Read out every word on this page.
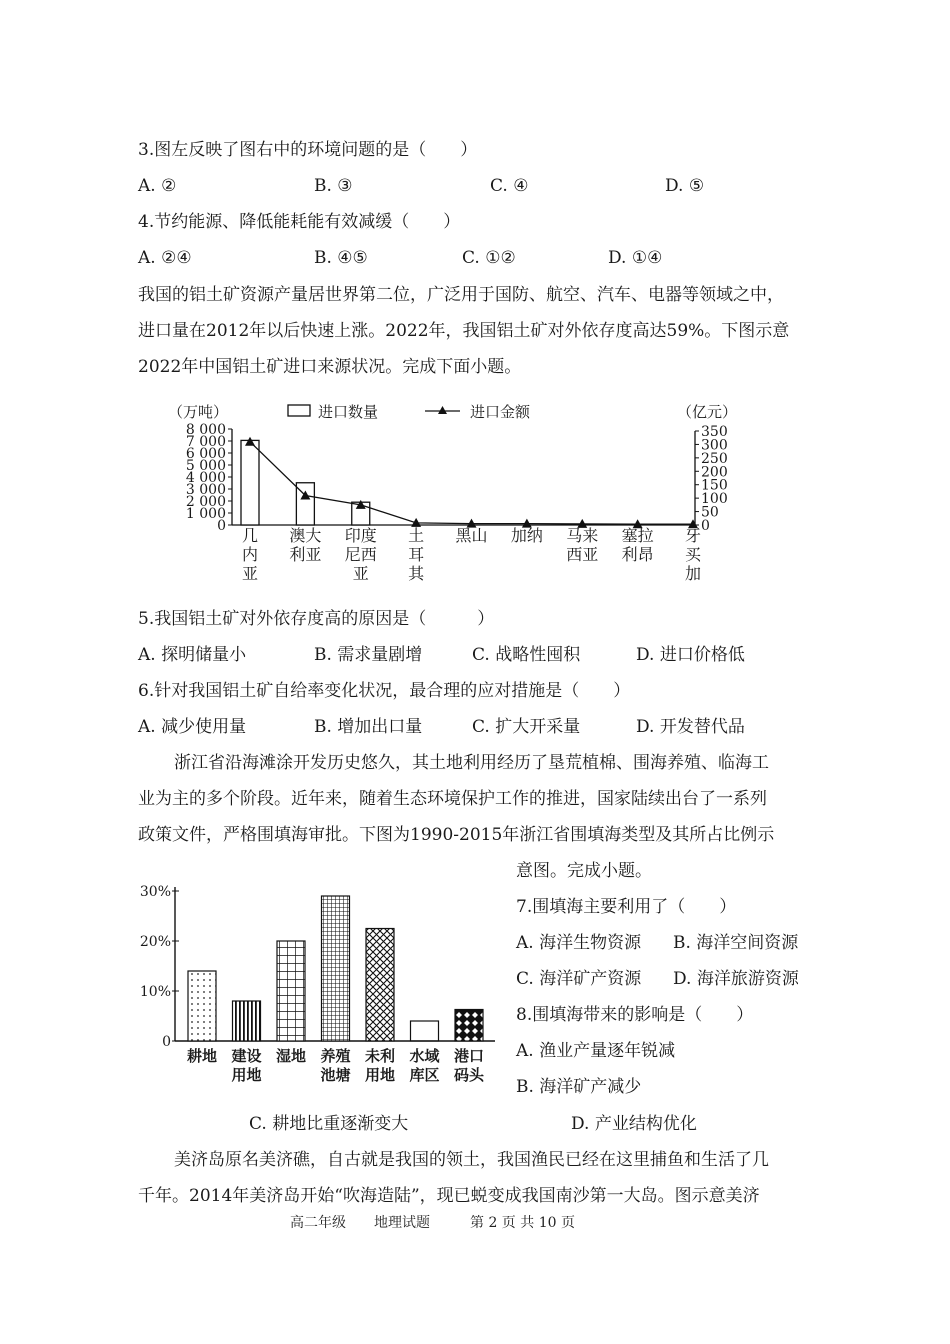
3.图左反映了图右中的环境问题的是（　　）
A. ②	B. ③	C. ④	D. ⑤
4.节约能源、降低能耗能有效减缓（　　）
A. ②④	B. ④⑤	C. ①②	D. ①④
我国的铝土矿资源产量居世界第二位，广泛用于国防、航空、汽车、电器等领域之中，
进口量在2012年以后快速上涨。2022年，我国铝土矿对外依存度高达59%。下图示意
2022年中国铝土矿进口来源状况。完成下面小题。
（万吨）	进口数量	进口金额	（亿元）
8 000
7 000
6 000
5 000
4 000
3 000
2 000
1 000
0
350
300
250
200
150
100
50
0
几
内
亚
澳大
利亚
印度
尼西
亚
土
耳
其
黑山 加纳 马来
西亚
塞拉
利昂
牙
买
加
5.我国铝土矿对外依存度高的原因是（　　　）
A. 探明储量小	B. 需求量剧增	C. 战略性囤积	D. 进口价格低
6.针对我国铝土矿自给率变化状况，最合理的应对措施是（　　）
A. 减少使用量	B. 增加出口量	C. 扩大开采量	D. 开发替代品
浙江省沿海滩涂开发历史悠久，其土地利用经历了垦荒植棉、围海养殖、临海工
业为主的多个阶段。近年来，随着生态环境保护工作的推进，国家陆续出台了一系列
政策文件，严格围填海审批。下图为1990-2015年浙江省围填海类型及其所占比例示
意图。完成小题。
30%
20%
10%
0
耕地 建设
用地
湿地 养殖
池塘
未利
用地
水域
库区
港口
码头
7.围填海主要利用了（　　）
A. 海洋生物资源 B. 海洋空间资源
C. 海洋矿产资源 D. 海洋旅游资源
8.围填海带来的影响是（　　）
A. 渔业产量逐年锐减
B. 海洋矿产减少
C. 耕地比重逐渐变大	D. 产业结构优化
美济岛原名美济礁，自古就是我国的领土，我国渔民已经在这里捕鱼和生活了几
千年。2014年美济岛开始“吹海造陆”，现已蜕变成我国南沙第一大岛。图示意美济
高二年级 地理试题	第 2 页 共 10 页
